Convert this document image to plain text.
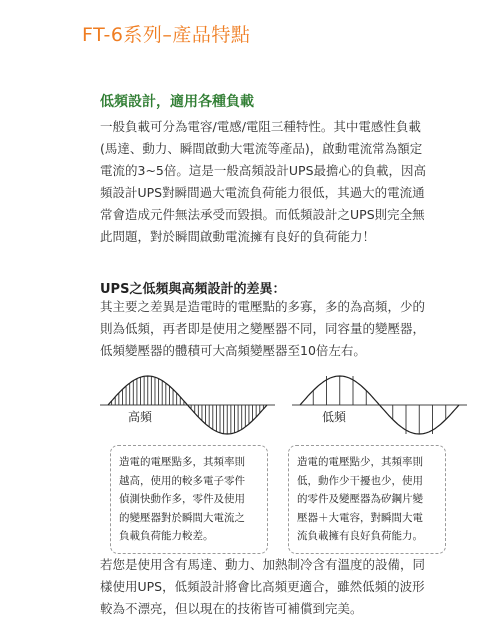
FT-6系列–產品特點
低頻設計，適用各種負載
一般負載可分為電容/電感/電阻三種特性。其中電感性負載
(馬達、動力、瞬間啟動大電流等產品)，啟動電流常為額定
電流的3~5倍。這是一般高頻設計UPS最擔心的負載，因高
頻設計UPS對瞬間過大電流負荷能力很低，其過大的電流通
常會造成元件無法承受而毀損。而低頻設計之UPS則完全無
此問題，對於瞬間啟動電流擁有良好的負荷能力！
UPS之低頻與高頻設計的差異：
其主要之差異是造電時的電壓點的多寡，多的為高頻，少的
則為低頻，再者即是使用之變壓器不同，同容量的變壓器，
低頻變壓器的體積可大高頻變壓器至10倍左右。
高頻	低頻
造電的電壓點多，其頻率則
越高，使用的較多電子零件
偵測快動作多，零件及使用
的變壓器對於瞬間大電流之
負載負荷能力較差。
造電的電壓點少，其頻率則
低，動作少干擾也少，使用
的零件及變壓器為矽鋼片變
壓器＋大電容，對瞬間大電
流負載擁有良好負荷能力。
若您是使用含有馬達、動力、加熱制冷含有溫度的設備，同
樣使用UPS，低頻設計將會比高頻更適合，雖然低頻的波形
較為不漂亮，但以現在的技術皆可補償到完美。
